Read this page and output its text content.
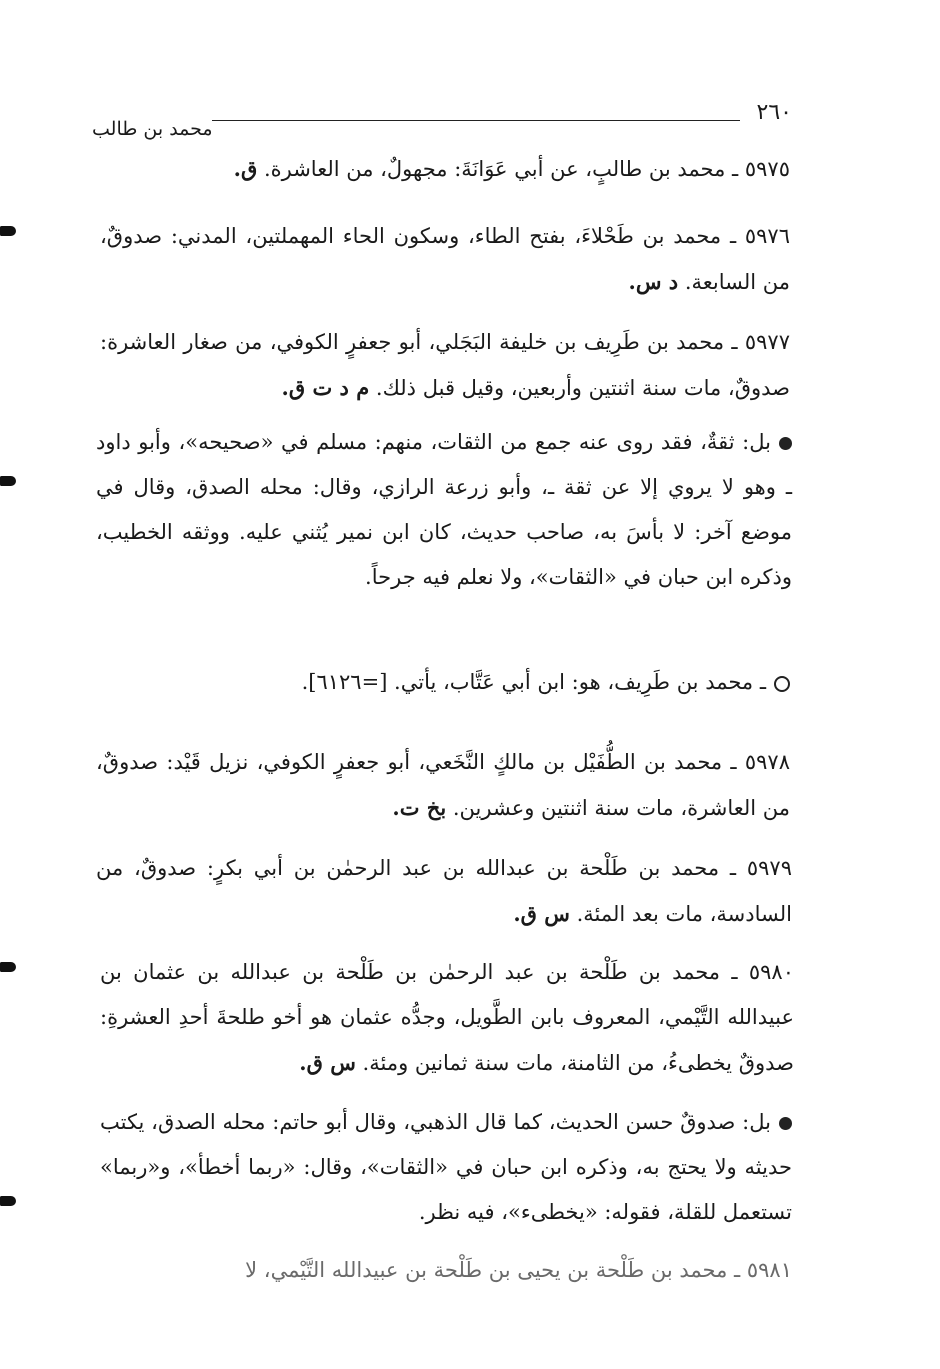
٢٦٠
محمد بن طالب

٥٩٧٥ ـ محمد بن طالبٍ، عن أبي عَوَانَةَ: مجهولٌ، من العاشرة. ق.

٥٩٧٦ ـ محمد بن طَحْلاءَ، بفتح الطاء، وسكون الحاء المهملتين، المدني: صدوقٌ، من السابعة. د س.

٥٩٧٧ ـ محمد بن طَرِيف بن خليفة البَجَلي، أبو جعفرٍ الكوفي، من صغار العاشرة: صدوقٌ، مات سنة اثنتين وأربعين، وقيل قبل ذلك. م د ت ق.

بل: ثقةٌ، فقد روى عنه جمع من الثقات، منهم: مسلم في «صحيحه»، وأبو داود ـ وهو لا يروي إلا عن ثقة ـ، وأبو زرعة الرازي، وقال: محله الصدق، وقال في موضع آخر: لا بأسَ به، صاحب حديث، كان ابن نمير يُثني عليه. ووثقه الخطيب، وذكره ابن حبان في «الثقات»، ولا نعلم فيه جرحاً.

ـ محمد بن طَرِيف، هو: ابن أبي عَتَّاب، يأتي. [=٦١٢٦].

٥٩٧٨ ـ محمد بن الطُّفَيْل بن مالكٍ النَّخَعي، أبو جعفرٍ الكوفي، نزيل قَيْد: صدوقٌ، من العاشرة، مات سنة اثنتين وعشرين. بخ ت.

٥٩٧٩ ـ محمد بن طَلْحة بن عبدالله بن عبد الرحمٰن بن أبي بكرٍ: صدوقٌ، من السادسة، مات بعد المئة. س ق.

٥٩٨٠ ـ محمد بن طَلْحة بن عبد الرحمٰن بن طَلْحة بن عبدالله بن عثمان بن عبيدالله التَّيْمي، المعروف بابن الطَّويل، وجدُّه عثمان هو أخو طلحةَ أحدِ العشرةِ: صدوقٌ يخطىءُ، من الثامنة، مات سنة ثمانين ومئة. س ق.

بل: صدوقٌ حسن الحديث، كما قال الذهبي، وقال أبو حاتم: محله الصدق، يكتب حديثه ولا يحتج به، وذكره ابن حبان في «الثقات»، وقال: «ربما أخطأ»، و«ربما» تستعمل للقلة، فقوله: «يخطىء»، فيه نظر.

٥٩٨١ ـ محمد بن طَلْحة بن يحيى بن طَلْحة بن عبيدالله التَّيْمي، لا
